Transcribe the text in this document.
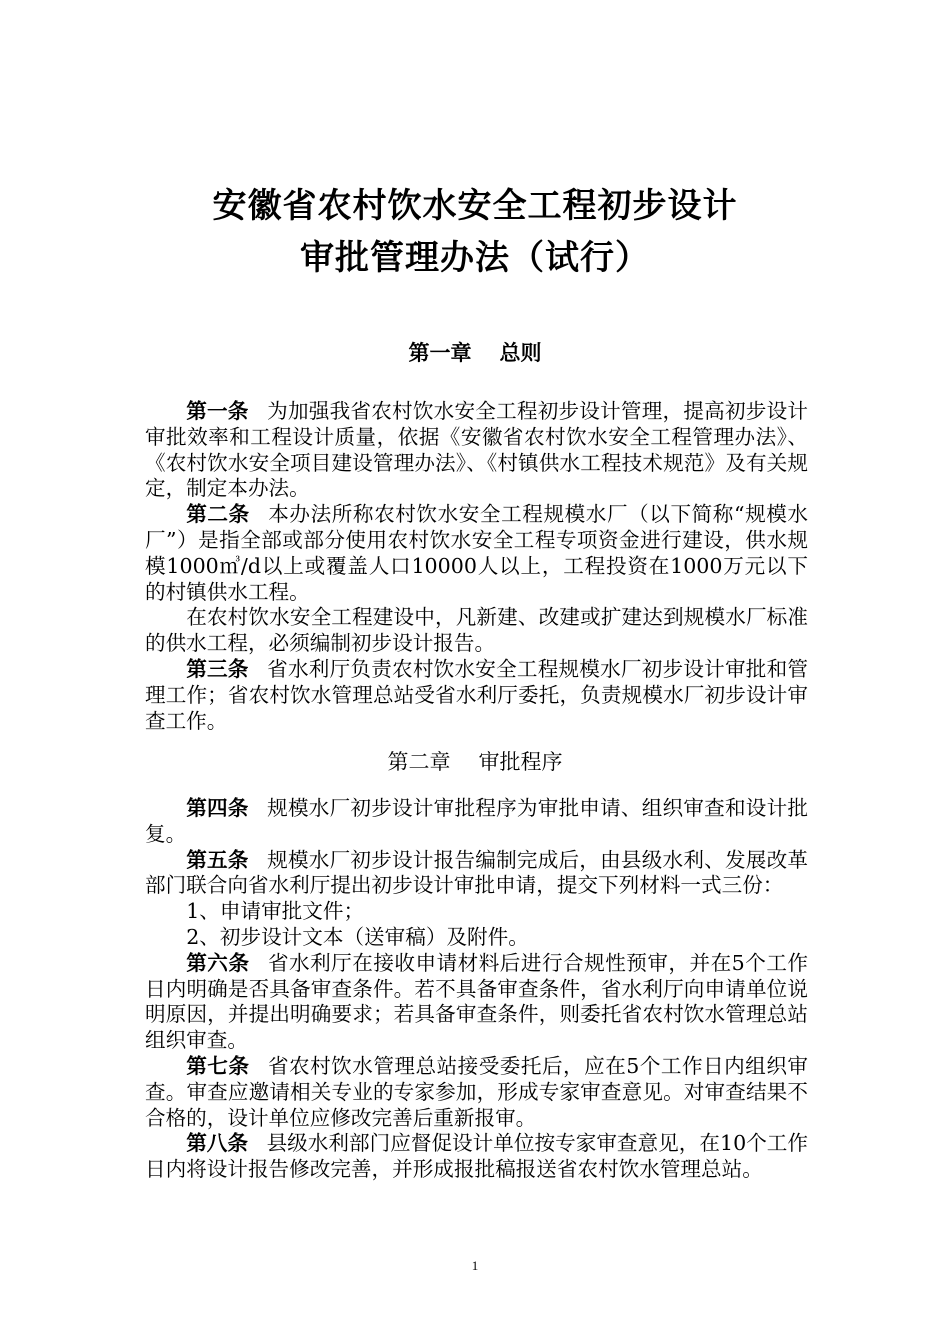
安徽省农村饮水安全工程初步设计
审批管理办法（试行）
第一章 总则

第一条 为加强我省农村饮水安全工程初步设计管理，提高初步设计审批效率和工程设计质量，依据《安徽省农村饮水安全工程管理办法》、《农村饮水安全项目建设管理办法》、《村镇供水工程技术规范》及有关规定，制定本办法。

第二条 本办法所称农村饮水安全工程规模水厂（以下简称“规模水厂”）是指全部或部分使用农村饮水安全工程专项资金进行建设，供水规模1000㎥/d以上或覆盖人口10000人以上，工程投资在1000万元以下的村镇供水工程。

在农村饮水安全工程建设中，凡新建、改建或扩建达到规模水厂标准的供水工程，必须编制初步设计报告。

第三条 省水利厅负责农村饮水安全工程规模水厂初步设计审批和管理工作；省农村饮水管理总站受省水利厅委托，负责规模水厂初步设计审查工作。

第二章 审批程序

第四条 规模水厂初步设计审批程序为审批申请、组织审查和设计批复。

第五条 规模水厂初步设计报告编制完成后，由县级水利、发展改革部门联合向省水利厅提出初步设计审批申请，提交下列材料一式三份：

1、申请审批文件；

2、初步设计文本（送审稿）及附件。

第六条 省水利厅在接收申请材料后进行合规性预审，并在5个工作日内明确是否具备审查条件。若不具备审查条件，省水利厅向申请单位说明原因，并提出明确要求；若具备审查条件，则委托省农村饮水管理总站组织审查。

第七条 省农村饮水管理总站接受委托后，应在5个工作日内组织审查。审查应邀请相关专业的专家参加，形成专家审查意见。对审查结果不合格的，设计单位应修改完善后重新报审。

第八条 县级水利部门应督促设计单位按专家审查意见，在10个工作日内将设计报告修改完善，并形成报批稿报送省农村饮水管理总站。

1
